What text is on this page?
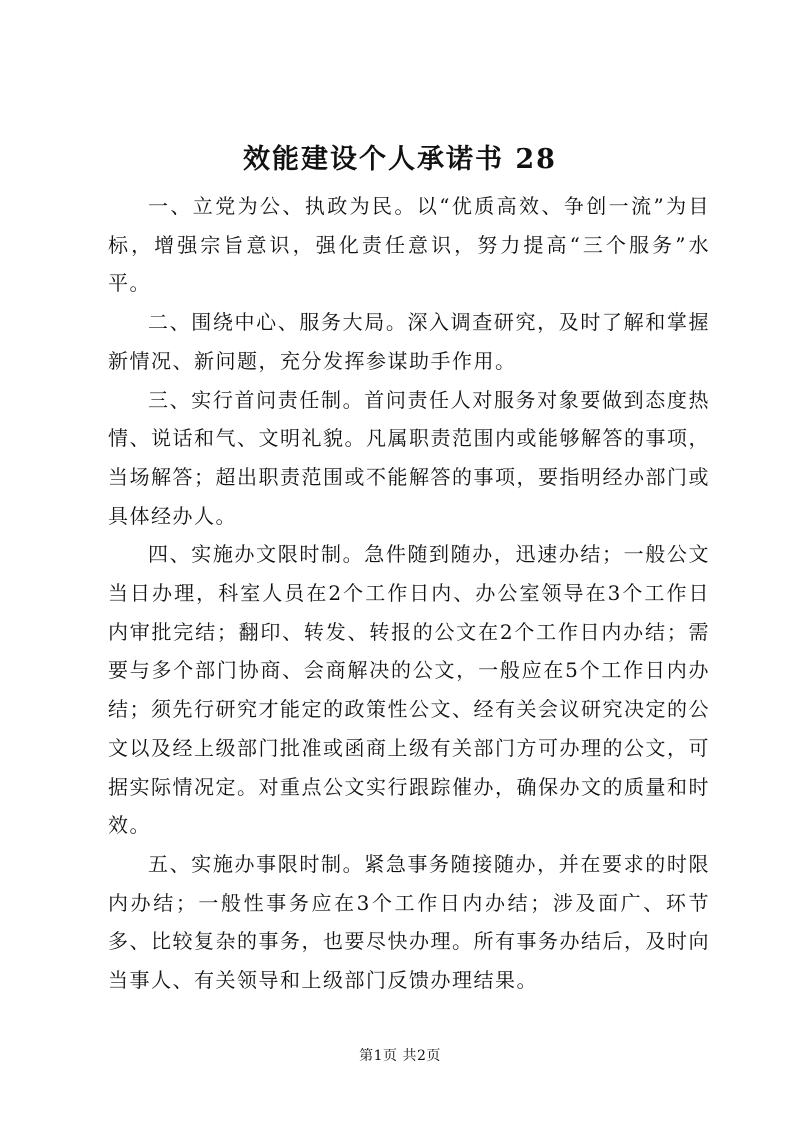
效能建设个人承诺书 28

一、立党为公、执政为民。以“优质高效、争创一流”为目标，增强宗旨意识，强化责任意识，努力提高“三个服务”水平。

二、围绕中心、服务大局。深入调查研究，及时了解和掌握新情况、新问题，充分发挥参谋助手作用。

三、实行首问责任制。首问责任人对服务对象要做到态度热情、说话和气、文明礼貌。凡属职责范围内或能够解答的事项，当场解答；超出职责范围或不能解答的事项，要指明经办部门或具体经办人。

四、实施办文限时制。急件随到随办，迅速办结；一般公文当日办理，科室人员在2个工作日内、办公室领导在3个工作日内审批完结；翻印、转发、转报的公文在2个工作日内办结；需要与多个部门协商、会商解决的公文，一般应在5个工作日内办结；须先行研究才能定的政策性公文、经有关会议研究决定的公文以及经上级部门批准或函商上级有关部门方可办理的公文，可据实际情况定。对重点公文实行跟踪催办，确保办文的质量和时效。

五、实施办事限时制。紧急事务随接随办，并在要求的时限内办结；一般性事务应在3个工作日内办结；涉及面广、环节多、比较复杂的事务，也要尽快办理。所有事务办结后，及时向当事人、有关领导和上级部门反馈办理结果。

第1页 共2页
